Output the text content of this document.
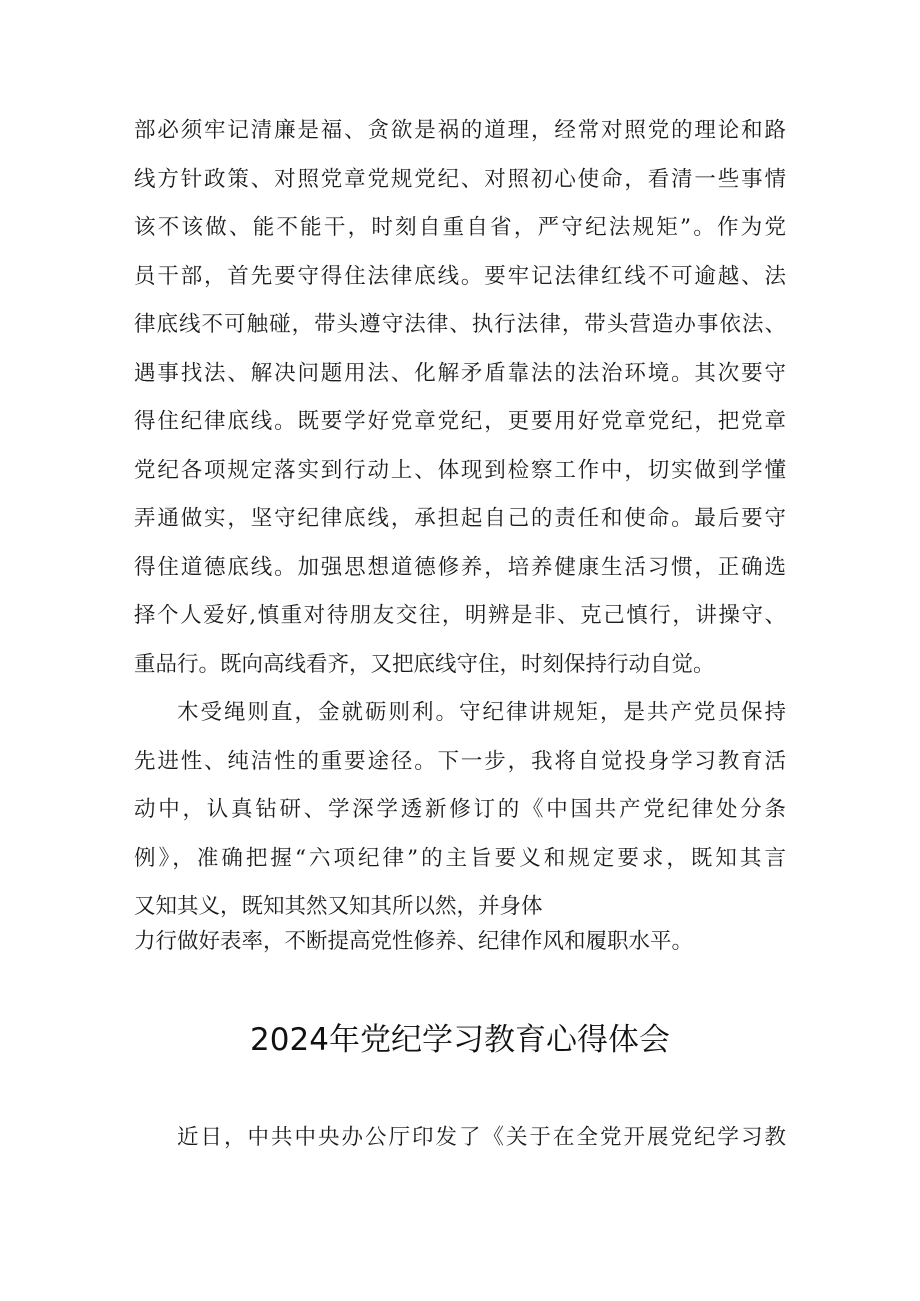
部必须牢记清廉是福、贪欲是祸的道理，经常对照党的理论和路
线方针政策、对照党章党规党纪、对照初心使命，看清一些事情
该不该做、能不能干，时刻自重自省，严守纪法规矩”。作为党
员干部，首先要守得住法律底线。要牢记法律红线不可逾越、法
律底线不可触碰，带头遵守法律、执行法律，带头营造办事依法、
遇事找法、解决问题用法、化解矛盾靠法的法治环境。其次要守
得住纪律底线。既要学好党章党纪，更要用好党章党纪，把党章
党纪各项规定落实到行动上、体现到检察工作中，切实做到学懂
弄通做实，坚守纪律底线，承担起自己的责任和使命。最后要守
得住道德底线。加强思想道德修养，培养健康生活习惯，正确选
择个人爱好,慎重对待朋友交往，明辨是非、克己慎行，讲操守、
重品行。既向高线看齐，又把底线守住，时刻保持行动自觉。
木受绳则直，金就砺则利。守纪律讲规矩，是共产党员保持
先进性、纯洁性的重要途径。下一步，我将自觉投身学习教育活
动中，认真钻研、学深学透新修订的《中国共产党纪律处分条
例》，准确把握“六项纪律”的主旨要义和规定要求，既知其言
又知其义，既知其然又知其所以然，并身体
力行做好表率，不断提高党性修养、纪律作风和履职水平。
2024年党纪学习教育心得体会
近日，中共中央办公厅印发了《关于在全党开展党纪学习教
